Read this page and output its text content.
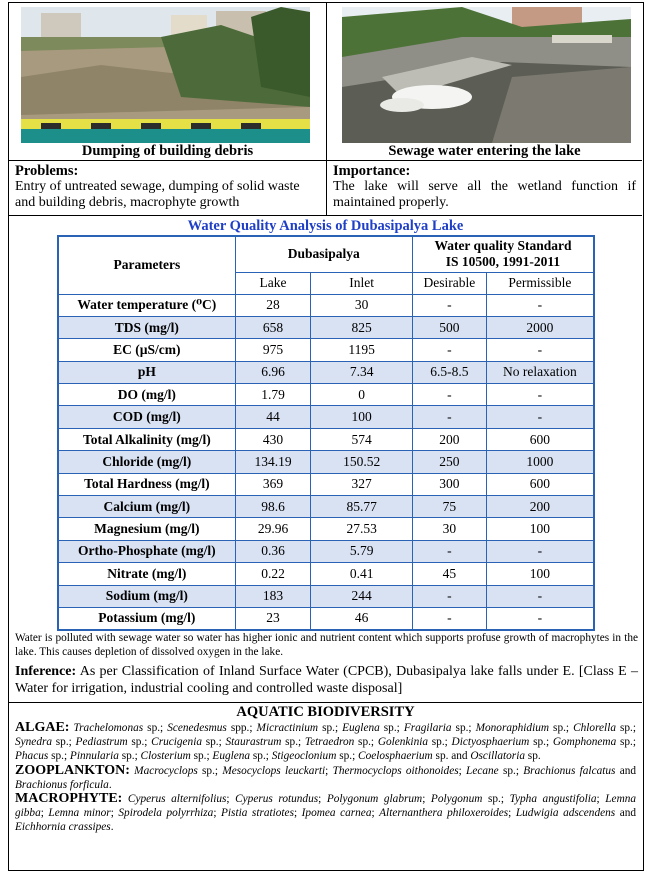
Dumping of building debris	Sewage water entering the lake
Problems:
Entry of untreated sewage, dumping of solid waste and building debris, macrophyte growth
Importance:
The lake will serve all the wetland function if maintained properly.
Water Quality Analysis of Dubasipalya Lake
Parameters	Dubasipalya		Water quality Standard
IS 10500, 1991-2011	
	Lake	Inlet	Desirable	Permissible
Water temperature (⁰C)	28	30	-	-
TDS (mg/l)	658	825	500	2000
EC (µS/cm)	975	1195	-	-
pH	6.96	7.34	6.5-8.5	No relaxation
DO (mg/l)	1.79	0	-	-
COD (mg/l)	44	100	-	-
Total Alkalinity (mg/l)	430	574	200	600
Chloride (mg/l)	134.19	150.52	250	1000
Total Hardness (mg/l)	369	327	300	600
Calcium (mg/l)	98.6	85.77	75	200
Magnesium (mg/l)	29.96	27.53	30	100
Ortho-Phosphate (mg/l)	0.36	5.79	-	-
Nitrate (mg/l)	0.22	0.41	45	100
Sodium (mg/l)	183	244	-	-
Potassium (mg/l)	23	46	-	-
Water is polluted with sewage water so water has higher ionic and nutrient content which supports profuse growth of macrophytes in the lake. This causes depletion of dissolved oxygen in the lake.
Inference: As per Classification of Inland Surface Water (CPCB), Dubasipalya lake falls under E. [Class E – Water for irrigation, industrial cooling and controlled waste disposal]
AQUATIC BIODIVERSITY
ALGAE: Trachelomonas sp.; Scenedesmus spp.; Micractinium sp.; Euglena sp.; Fragilaria sp.; Monoraphidium sp.; Chlorella sp.; Synedra sp.; Pediastrum sp.; Crucigenia sp.; Staurastrum sp.; Tetraedron sp.; Golenkinia sp.; Dictyosphaerium sp.; Gomphonema sp.; Phacus sp.; Pinnularia sp.; Closterium sp.; Euglena sp.; Stigeoclonium sp.; Coelosphaerium sp. and Oscillatoria sp.
ZOOPLANKTON: Macrocyclops sp.; Mesocyclops leuckarti; Thermocyclops oithonoides; Lecane sp.; Brachionus falcatus and Brachionus forficula.
MACROPHYTE: Cyperus alternifolius; Cyperus rotundus; Polygonum glabrum; Polygonum sp.; Typha angustifolia; Lemna gibba; Lemna minor; Spirodela polyrrhiza; Pistia stratiotes; Ipomea carnea; Alternanthera philoxeroides; Ludwigia adscendens and Eichhornia crassipes.
